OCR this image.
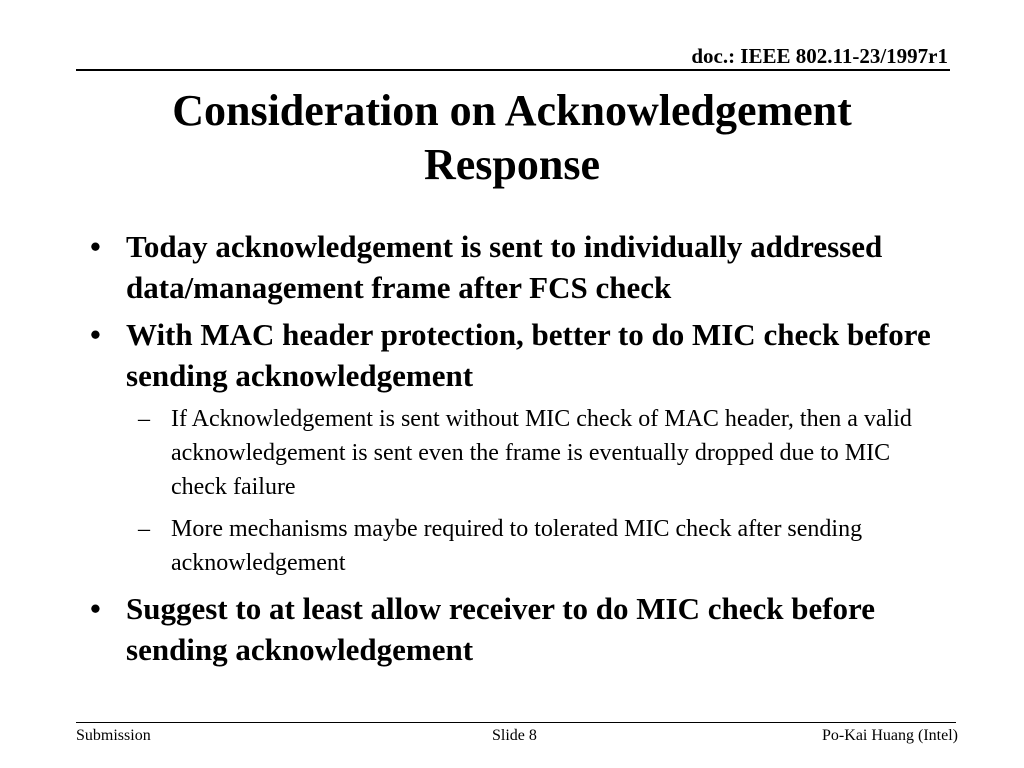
doc.: IEEE 802.11-23/1997r1
Consideration on Acknowledgement
Response
• Today acknowledgement is sent to individually addressed data/management frame after FCS check
• With MAC header protection, better to do MIC check before sending acknowledgement
– If Acknowledgement is sent without MIC check of MAC header, then a valid acknowledgement is sent even the frame is eventually dropped due to MIC check failure
– More mechanisms maybe required to tolerated MIC check after sending acknowledgement
• Suggest to at least allow receiver to do MIC check before sending acknowledgement
Submission	Slide 8	Po-Kai Huang (Intel)
